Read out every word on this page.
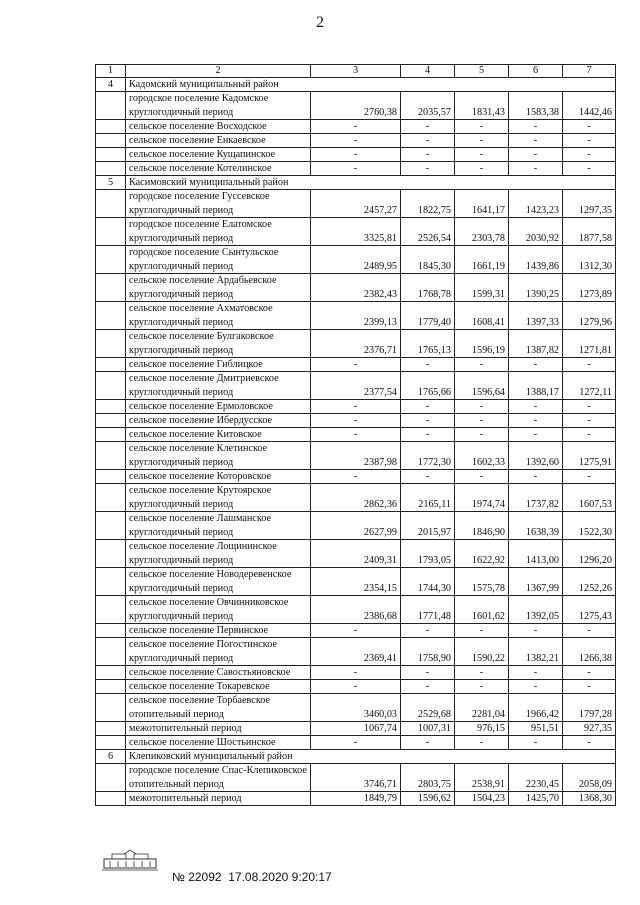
2
1	2	3	4	5	6	7
4	Кадомский муниципальный район					
	городское поселение Кадомское					
	круглогодичный период	2760,38	2035,57	1831,43	1583,38	1442,46
	сельское поселение Восходское	-	-	-	-	-
	сельское поселение Енкаевское	-	-	-	-	-
	сельское поселение Кущапинское	-	-	-	-	-
	сельское поселение Котелинское	-	-	-	-	-
5	Касимовский муниципальный район					
	городское поселение Гуссевское					
	круглогодичный период	2457,27	1822,75	1641,17	1423,23	1297,35
	городское поселение Елатомское					
	круглогодичный период	3325,81	2526,54	2303,78	2030,92	1877,58
	городское поселение Сынтульское					
	круглогодичный период	2489,95	1845,30	1661,19	1439,86	1312,30
	сельское поселение Ардабьевское					
	круглогодичный период	2382,43	1768,78	1599,31	1390,25	1273,89
	сельское поселение Ахматовское					
	круглогодичный период	2399,13	1779,40	1608,41	1397,33	1279,96
	сельское поселение Булгаковское					
	круглогодичный период	2376,71	1765,13	1596,19	1387,82	1271,81
	сельское поселение Гиблицкое	-	-	-	-	-
	сельское поселение Дмитриевское					
	круглогодичный период	2377,54	1765,66	1596,64	1388,17	1272,11
	сельское поселение Ермоловское	-	-	-	-	-
	сельское поселение Ибердусское	-	-	-	-	-
	сельское поселение Китовское	-	-	-	-	-
	сельское поселение Клетинское					
	круглогодичный период	2387,98	1772,30	1602,33	1392,60	1275,91
	сельское поселение Которовское	-	-	-	-	-
	сельское поселение Крутоярское					
	круглогодичный период	2862,36	2165,11	1974,74	1737,82	1607,53
	сельское поселение Лашманское					
	круглогодичный период	2627,99	2015,97	1846,90	1638,39	1522,30
	сельское поселение Лощининское					
	круглогодичный период	2409,31	1793,05	1622,92	1413,00	1296,20
	сельское поселение Новодеревенское					
	круглогодичный период	2354,15	1744,30	1575,78	1367,99	1252,26
	сельское поселение Овчинниковское					
	круглогодичный период	2386,68	1771,48	1601,62	1392,05	1275,43
	сельское поселение Первинское	-	-	-	-	-
	сельское поселение Погостинское					
	круглогодичный период	2369,41	1758,90	1590,22	1382,21	1266,38
	сельское поселение Савостьяновское	-	-	-	-	-
	сельское поселение Токаревское	-	-	-	-	-
	сельское поселение Торбаевское					
	отопительный период	3460,03	2529,68	2281,04	1966,42	1797,28
	межотопительный период	1067,74	1007,31	976,15	951,51	927,35
	сельское поселение Шостьинское	-	-	-	-	-
6	Клепиковский муниципальный район					
	городское поселение Спас-Клепиковское					
	отопительный период	3746,71	2803,75	2538,91	2230,45	2058,09
	межотопительный период	1849,79	1596,62	1504,23	1425,70	1368,30
№ 22092 17.08.2020 9:20:17
